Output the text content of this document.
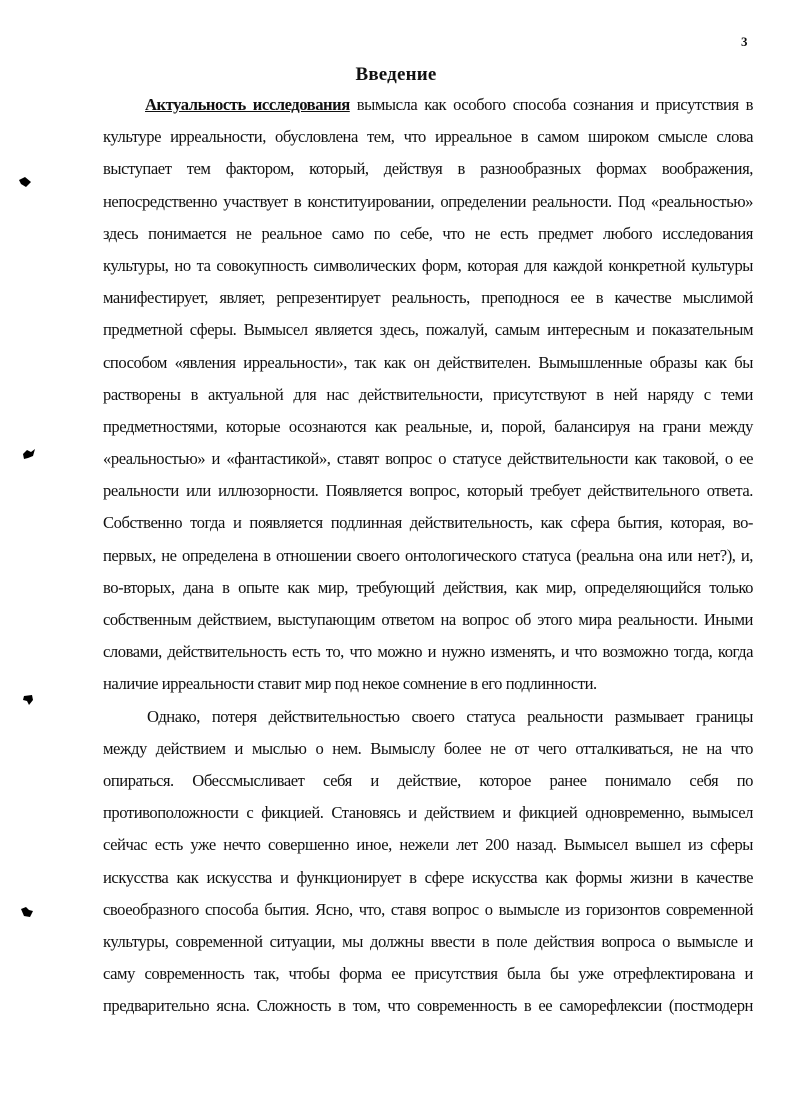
3
Введение
Актуальность исследования вымысла как особого способа сознания и присутствия в
культуре ирреальности, обусловлена тем, что ирреальное в самом широком смысле слова
выступает тем фактором, который, действуя в разнообразных формах воображения,
непосредственно участвует в конституировании, определении реальности. Под «реальностью»
здесь понимается не реальное само по себе, что не есть предмет любого исследования
культуры, но та совокупность символических форм, которая для каждой конкретной культуры
манифестирует, являет, репрезентирует реальность, преподнося ее в качестве мыслимой
предметной сферы. Вымысел является здесь, пожалуй, самым интересным и показательным
способом «явления ирреальности», так как он действителен. Вымышленные образы как бы
растворены в актуальной для нас действительности, присутствуют в ней наряду с теми
предметностями, которые осознаются как реальные, и, порой, балансируя на грани между
«реальностью» и «фантастикой», ставят вопрос о статусе действительности как таковой, о ее
реальности или иллюзорности. Появляется вопрос, который требует действительного ответа.
Собственно тогда и появляется подлинная действительность, как сфера бытия, которая, во-
первых, не определена в отношении своего онтологического статуса (реальна она или нет?), и,
во-вторых, дана в опыте как мир, требующий действия, как мир, определяющийся только
собственным действием, выступающим ответом на вопрос об этого мира реальности. Иными
словами, действительность есть то, что можно и нужно изменять, и что возможно тогда, когда
наличие ирреальности ставит мир под некое сомнение в его подлинности.
Однако, потеря действительностью своего статуса реальности размывает границы
между действием и мыслью о нем. Вымыслу более не от чего отталкиваться, не на что
опираться. Обессмысливает себя и действие, которое ранее понимало себя по
противоположности с фикцией. Становясь и действием и фикцией одновременно, вымысел
сейчас есть уже нечто совершенно иное, нежели лет 200 назад. Вымысел вышел из сферы
искусства как искусства и функционирует в сфере искусства как формы жизни в качестве
своеобразного способа бытия. Ясно, что, ставя вопрос о вымысле из горизонтов современной
культуры, современной ситуации, мы должны ввести в поле действия вопроса о вымысле и
саму современность так, чтобы форма ее присутствия была бы уже отрефлектирована и
предварительно ясна. Сложность в том, что современность в ее саморефлексии (постмодерн
